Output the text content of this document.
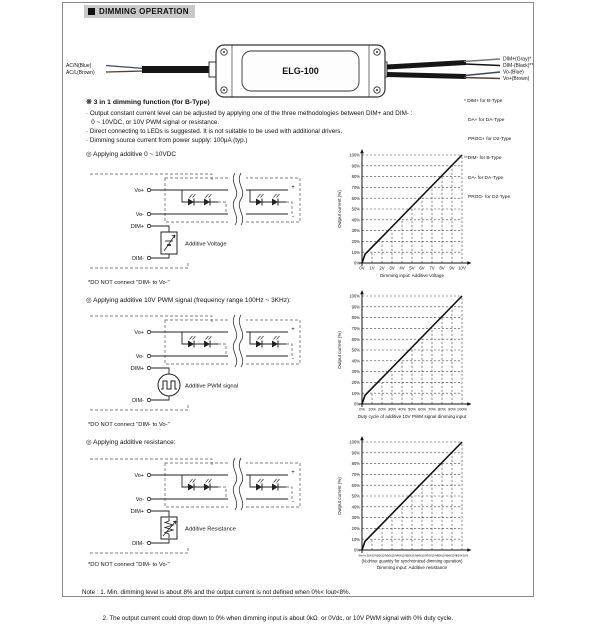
DIMMING OPERATION
ELG-100
AC/N(Blue)
AC/L(Brown)
DIM+(Gray)*
DIM-(Black)**
Vo-(Blue)
Vo+(Brown)

* DIM+ for B-Type

DA+ for DA-Type

PROG+ for D2-Type

**DIM- for B-Type

DA- for DA-Type

PROG- for D2-Type

※ 3 in 1 dimming function (for B-Type)
· Output constant current level can be adjusted by applying one of the three methodologies between DIM+ and DIM- :
0 ~ 10VDC, or 10V PWM signal or resistance.
· Direct connecting to LEDs is suggested. It is not suitable to be used with additional drivers.
· Dimming source current from power supply: 100μA (typ.)
◎ Applying additive 0 ~ 10VDC
Vo+
Vo-
DIM+
DIM-
+
-
Additive Voltage
*DO NOT connect "DIM- to Vo-"
0%
10%
20%
30%
40%
50%
60%
70%
80%
90%
100%
0V 1V 2V 3V 4V 5V 6V 7V 8V 9V 10V
Dimming input: Additive voltage
Output current (%)
◎ Applying additive 10V PWM signal (frequency range 100Hz ~ 3KHz):
Vo+
Vo-
DIM+
DIM-
+
-
Additive PWM signal
*DO NOT connect "DIM- to Vo-"
0%
10%
20%
30%
40%
50%
60%
70%
80%
90%
100%
0% 10% 20% 30% 40% 50% 60% 70% 80% 90% 100%
Duty cycle of additive 10V PWM signal dimming input
Output current (%)
◎ Applying additive resistance:
Vo+
Vo-
DIM+
DIM-
+
-
Additive Resistance
*DO NOT connect "DIM- to Vo-"
0%
10%
20%
30%
40%
50%
60%
70%
80%
90%
100%
Short 10KΩ/N 20KΩ/N 30KΩ/N 40KΩ/N 50KΩ/N 60KΩ/N 70KΩ/N 80KΩ/N 90KΩ/N
100KΩ/N
(N:driver quantity for synchronized dimming operation)
Dimming input: Additive resistance
Output current (%)

Note : 1. Min. dimming level is about 8% and the output current is not defined when 0%< Iout<8%.

2. The output current could drop down to 0% when dimming input is about 0kΩ  or 0Vdc, or 10V PWM signal with 0% duty cycle.
